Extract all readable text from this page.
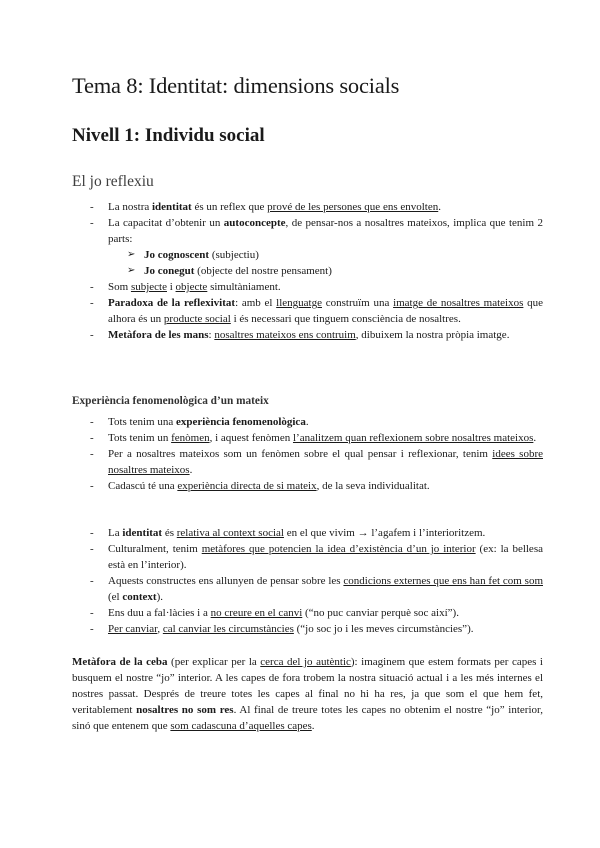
Tema 8: Identitat: dimensions socials
Nivell 1: Individu social
El jo reflexiu
- La nostra identitat és un reflex que prové de les persones que ens envolten.
- La capacitat d’obtenir un autoconcepte, de pensar-nos a nosaltres mateixos, implica que tenim 2 parts:
➢ Jo cognoscent (subjectiu)
➢ Jo conegut (objecte del nostre pensament)
- Som subjecte i objecte simultàniament.
- Paradoxa de la reflexivitat: amb el llenguatge construïm una imatge de nosaltres mateixos que alhora és un producte social i és necessari que tinguem consciència de nosaltres.
- Metàfora de les mans: nosaltres mateixos ens contruim, dibuixem la nostra pròpia imatge.
Experiència fenomenològica d’un mateix
- Tots tenim una experiència fenomenològica.
- Tots tenim un fenòmen, i aquest fenòmen l’analitzem quan reflexionem sobre nosaltres mateixos.
- Per a nosaltres mateixos som un fenòmen sobre el qual pensar i reflexionar, tenim idees sobre nosaltres mateixos.
- Cadascú té una experiència directa de si mateix, de la seva individualitat.
- La identitat és relativa al context social en el que vivim → l’agafem i l’interioritzem.
- Culturalment, tenim metàfores que potencien la idea d’existència d’un jo interior (ex: la bellesa està en l’interior).
- Aquests constructes ens allunyen de pensar sobre les condicions externes que ens han fet com som (el context).
- Ens duu a fal·làcies i a no creure en el canvi (“no puc canviar perquè soc així”).
- Per canviar, cal canviar les circumstàncies (“jo soc jo i les meves circumstàncies”).
Metàfora de la ceba (per explicar per la cerca del jo autèntic): imaginem que estem formats per capes i busquem el nostre “jo” interior. A les capes de fora trobem la nostra situació actual i a les més internes el nostres passat. Després de treure totes les capes al final no hi ha res, ja que som el que hem fet, veritablement nosaltres no som res. Al final de treure totes les capes no obtenim el nostre “jo” interior, sinó que entenem que som cadascuna d’aquelles capes.
